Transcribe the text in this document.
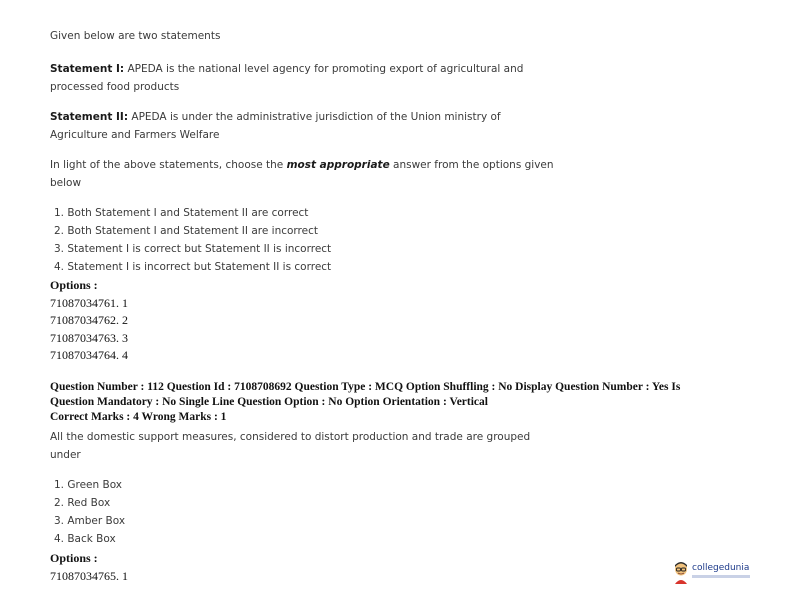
Given below are two statements
Statement I: APEDA is the national level agency for promoting export of agricultural and
processed food products
Statement II: APEDA is under the administrative jurisdiction of the Union ministry of
Agriculture and Farmers Welfare
In light of the above statements, choose the most appropriate answer from the options given
below
1. Both Statement I and Statement II are correct
2. Both Statement I and Statement II are incorrect
3. Statement I is correct but Statement II is incorrect
4. Statement I is incorrect but Statement II is correct
Options :
71087034761. 1
71087034762. 2
71087034763. 3
71087034764. 4
Question Number : 112 Question Id : 7108708692 Question Type : MCQ Option Shuffling : No Display Question Number : Yes Is
Question Mandatory : No Single Line Question Option : No Option Orientation : Vertical
Correct Marks : 4 Wrong Marks : 1
All the domestic support measures, considered to distort production and trade are grouped
under
1. Green Box
2. Red Box
3. Amber Box
4. Back Box
Options :
71087034765. 1
collegedunia
